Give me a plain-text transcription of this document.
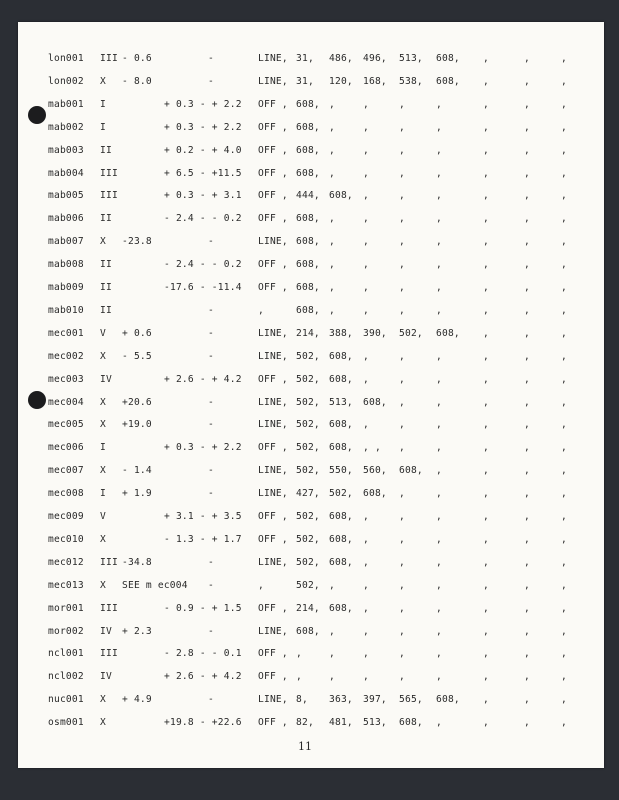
lon001 III - 0.6	-	LINE, 31, 486, 496, 513, 608, ,	,	,
lon002 X - 8.0	-	LINE, 31, 120, 168, 538, 608, ,	,	,
mab001 I	+ 0.3 - + 2.2 OFF , 608, ,	,	,	,	,	,	,
mab002 I	+ 0.3 - + 2.2 OFF , 608, ,	,	,	,	,	,	,
mab003 II	+ 0.2 - + 4.0 OFF , 608, ,	,	,	,	,	,	,
mab004 III	+ 6.5 - +11.5 OFF , 608, ,	,	,	,	,	,	,
mab005 III	+ 0.3 - + 3.1 OFF , 444, 608, ,	,	,	,	,	,
mab006 II	- 2.4 - - 0.2 OFF , 608, ,	,	,	,	,	,	,
mab007 X -23.8	-	LINE, 608, ,	,	,	,	,	,	,
mab008 II	- 2.4 - - 0.2 OFF , 608, ,	,	,	,	,	,	,
mab009 II	-17.6 - -11.4 OFF , 608, ,	,	,	,	,	,	,
mab010 II	-	,	608, ,	,	,	,	,	,	,
mec001 V + 0.6	-	LINE, 214, 388, 390, 502, 608, ,	,	,
mec002 X - 5.5	-	LINE, 502, 608, ,	,	,	,	,	,
mec003 IV	+ 2.6 - + 4.2 OFF , 502, 608, ,	,	,	,	,	,
mec004 X +20.6	-	LINE, 502, 513, 608, ,	,	,	,	,
mec005 X +19.0	-	LINE, 502, 608, ,	,	,	,	,	,
mec006 I	+ 0.3 - + 2.2 OFF , 502, 608, , , ,	,	,	,	,
mec007 X - 1.4	-	LINE, 502, 550, 560, 608, ,	,	,	,
mec008 I + 1.9	-	LINE, 427, 502, 608, ,	,	,	,	,
mec009 V	+ 3.1 - + 3.5 OFF , 502, 608, ,	,	,	,	,	,
mec010 X	- 1.3 - + 1.7 OFF , 502, 608, ,	,	,	,	,	,
mec012 III -34.8	-	LINE, 502, 608, ,	,	,	,	,	,
mec013 X SEE m ec004 -	,	502, ,	,	,	,	,	,	,
mor001 III	- 0.9 - + 1.5 OFF , 214, 608, ,	,	,	,	,	,
mor002 IV + 2.3	-	LINE, 608, ,	,	,	,	,	,	,
ncl001 III	- 2.8 - - 0.1 OFF , ,	,	,	,	,	,	,	,
ncl002 IV	+ 2.6 - + 4.2 OFF , ,	,	,	,	,	,	,	,
nuc001 X + 4.9	-	LINE, 8, 363, 397, 565, 608, ,	,	,
osm001 X	+19.8 - +22.6 OFF , 82, 481, 513, 608, ,	,	,	,
11
